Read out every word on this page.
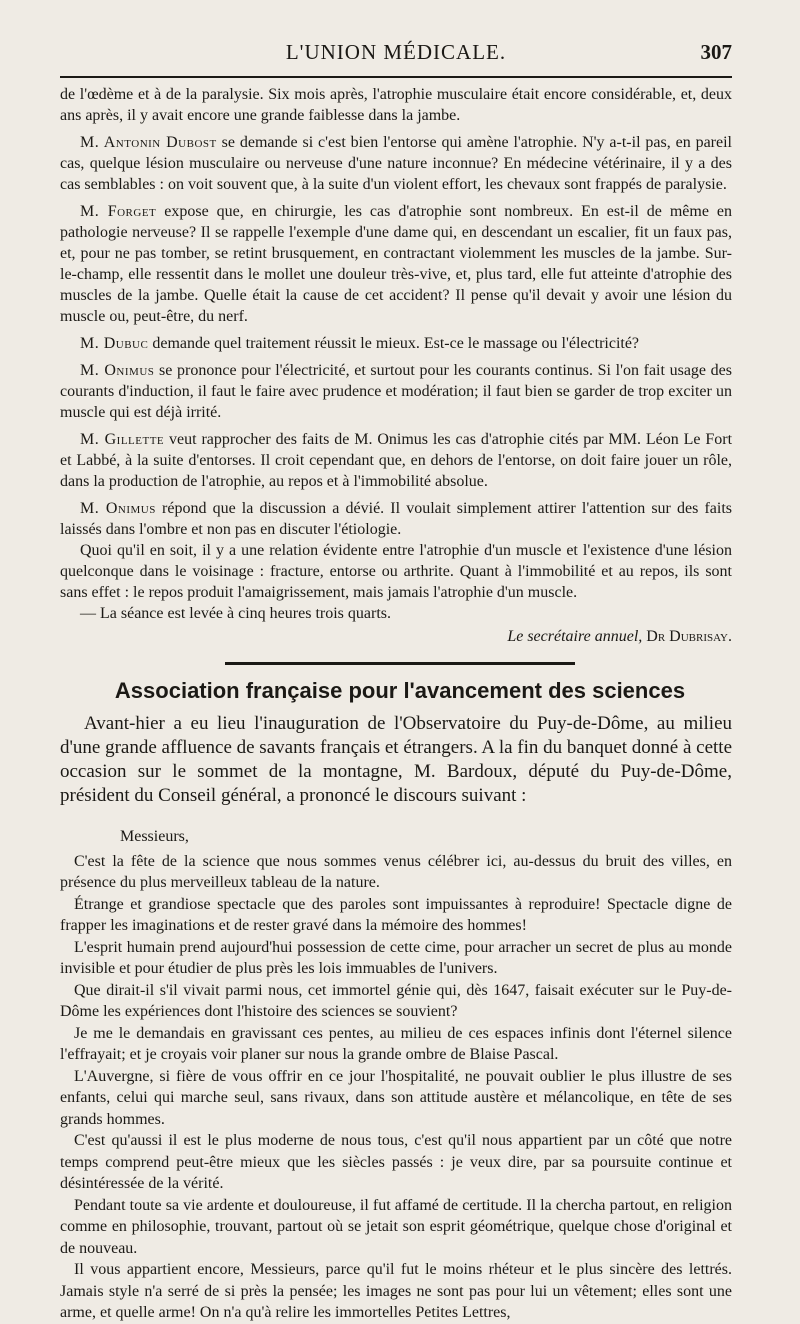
L'UNION MÉDICALE.	307

de l'œdème et à de la paralysie. Six mois après, l'atrophie musculaire était encore considérable, et, deux ans après, il y avait encore une grande faiblesse dans la jambe.

M. Antonin Dubost se demande si c'est bien l'entorse qui amène l'atrophie. N'y a-t-il pas, en pareil cas, quelque lésion musculaire ou nerveuse d'une nature inconnue? En médecine vétérinaire, il y a des cas semblables : on voit souvent que, à la suite d'un violent effort, les chevaux sont frappés de paralysie.

M. Forget expose que, en chirurgie, les cas d'atrophie sont nombreux. En est-il de même en pathologie nerveuse? Il se rappelle l'exemple d'une dame qui, en descendant un escalier, fit un faux pas, et, pour ne pas tomber, se retint brusquement, en contractant violemment les muscles de la jambe. Sur-le-champ, elle ressentit dans le mollet une douleur très-vive, et, plus tard, elle fut atteinte d'atrophie des muscles de la jambe. Quelle était la cause de cet accident? Il pense qu'il devait y avoir une lésion du muscle ou, peut-être, du nerf.

M. Dubuc demande quel traitement réussit le mieux. Est-ce le massage ou l'électricité?

M. Onimus se prononce pour l'électricité, et surtout pour les courants continus. Si l'on fait usage des courants d'induction, il faut le faire avec prudence et modération; il faut bien se garder de trop exciter un muscle qui est déjà irrité.

M. Gillette veut rapprocher des faits de M. Onimus les cas d'atrophie cités par MM. Léon Le Fort et Labbé, à la suite d'entorses. Il croit cependant que, en dehors de l'entorse, on doit faire jouer un rôle, dans la production de l'atrophie, au repos et à l'immobilité absolue.

M. Onimus répond que la discussion a dévié. Il voulait simplement attirer l'attention sur des faits laissés dans l'ombre et non pas en discuter l'étiologie.

Quoi qu'il en soit, il y a une relation évidente entre l'atrophie d'un muscle et l'existence d'une lésion quelconque dans le voisinage : fracture, entorse ou arthrite. Quant à l'immobilité et au repos, ils sont sans effet : le repos produit l'amaigrissement, mais jamais l'atrophie d'un muscle.

— La séance est levée à cinq heures trois quarts.

Le secrétaire annuel, Dr Dubrisay.

Association française pour l'avancement des sciences

Avant-hier a eu lieu l'inauguration de l'Observatoire du Puy-de-Dôme, au milieu d'une grande affluence de savants français et étrangers. A la fin du banquet donné à cette occasion sur le sommet de la montagne, M. Bardoux, député du Puy-de-Dôme, président du Conseil général, a prononcé le discours suivant :

Messieurs,

C'est la fête de la science que nous sommes venus célébrer ici, au-dessus du bruit des villes, en présence du plus merveilleux tableau de la nature.

Étrange et grandiose spectacle que des paroles sont impuissantes à reproduire! Spectacle digne de frapper les imaginations et de rester gravé dans la mémoire des hommes!

L'esprit humain prend aujourd'hui possession de cette cime, pour arracher un secret de plus au monde invisible et pour étudier de plus près les lois immuables de l'univers.

Que dirait-il s'il vivait parmi nous, cet immortel génie qui, dès 1647, faisait exécuter sur le Puy-de-Dôme les expériences dont l'histoire des sciences se souvient?

Je me le demandais en gravissant ces pentes, au milieu de ces espaces infinis dont l'éternel silence l'effrayait; et je croyais voir planer sur nous la grande ombre de Blaise Pascal.

L'Auvergne, si fière de vous offrir en ce jour l'hospitalité, ne pouvait oublier le plus illustre de ses enfants, celui qui marche seul, sans rivaux, dans son attitude austère et mélancolique, en tête de ses grands hommes.

C'est qu'aussi il est le plus moderne de nous tous, c'est qu'il nous appartient par un côté que notre temps comprend peut-être mieux que les siècles passés : je veux dire, par sa poursuite continue et désintéressée de la vérité.

Pendant toute sa vie ardente et douloureuse, il fut affamé de certitude. Il la chercha partout, en religion comme en philosophie, trouvant, partout où se jetait son esprit géométrique, quelque chose d'original et de nouveau.

Il vous appartient encore, Messieurs, parce qu'il fut le moins rhéteur et le plus sincère des lettrés. Jamais style n'a serré de si près la pensée; les images ne sont pas pour lui un vêtement; elles sont une arme, et quelle arme! On n'a qu'à relire les immortelles Petites Lettres,
